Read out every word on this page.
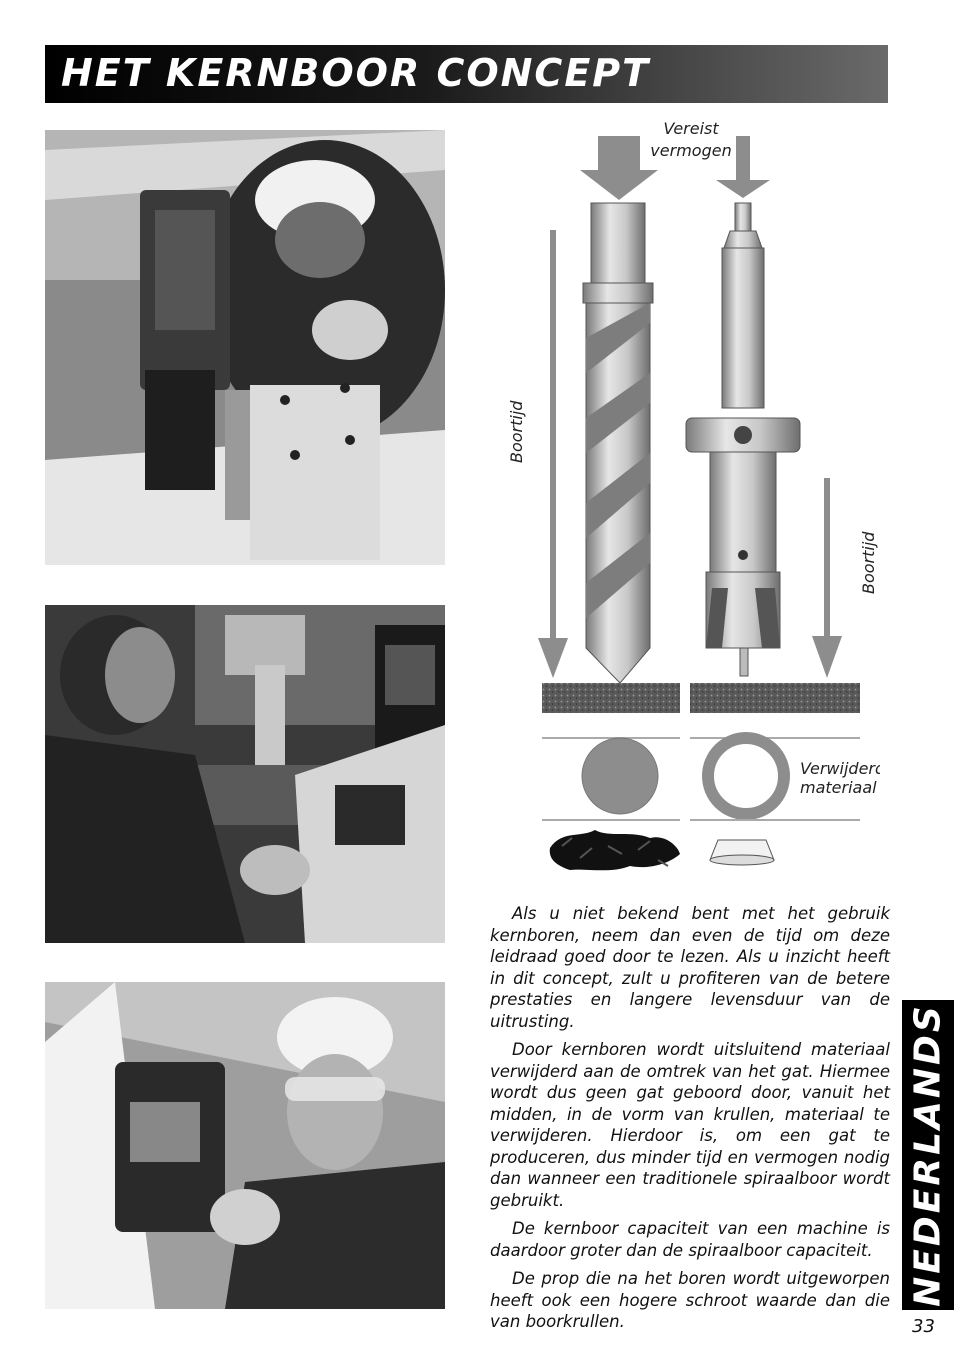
HET KERNBOOR CONCEPT
Vereist
vermogen
Boortijd
Boortijd
Verwijderd
materiaal

Als u niet bekend bent met het gebruik kernboren, neem dan even de tijd om deze leidraad goed door te lezen. Als u inzicht heeft in dit concept, zult u profiteren van de betere prestaties en langere levensduur van de uitrusting.

Door kernboren wordt uitsluitend materiaal verwijderd aan de omtrek van het gat. Hiermee wordt dus geen gat geboord door, vanuit het midden, in de vorm van krullen, materiaal te verwijderen. Hierdoor is, om een gat te produceren, dus minder tijd en vermogen nodig dan wanneer een traditionele spiraalboor wordt gebruikt.

De kernboor capaciteit van een machine is daardoor groter dan de spiraalboor capaciteit.

De prop die na het boren wordt uitgeworpen heeft ook een hogere schroot waarde dan die van boorkrullen.

NEDERLANDS
33
